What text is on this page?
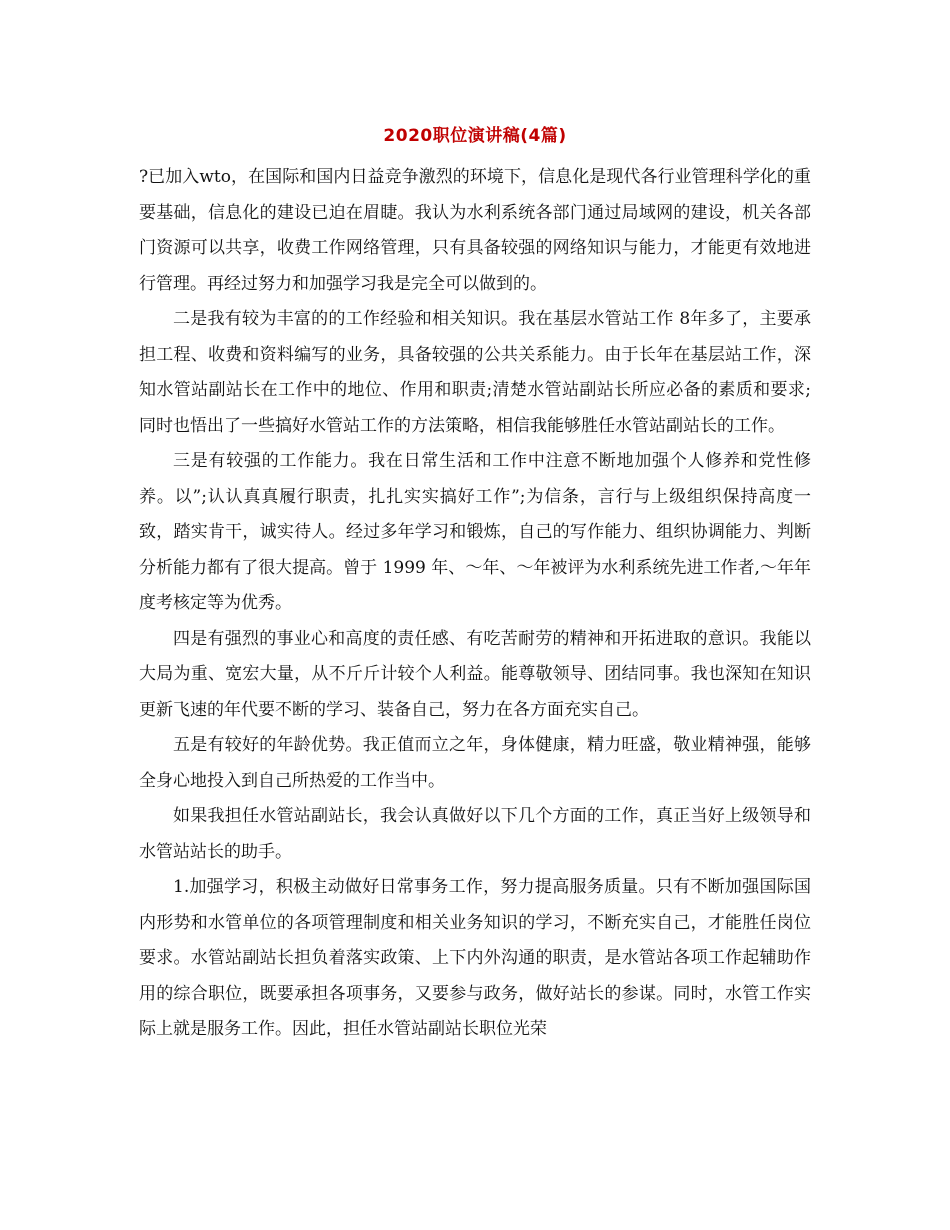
2020职位演讲稿(4篇)

?已加入wto，在国际和国内日益竞争激烈的环境下，信息化是现代各行业管理科学化的重要基础，信息化的建设已迫在眉睫。我认为水利系统各部门通过局域网的建设，机关各部门资源可以共享，收费工作网络管理，只有具备较强的网络知识与能力，才能更有效地进行管理。再经过努力和加强学习我是完全可以做到的。

二是我有较为丰富的的工作经验和相关知识。我在基层水管站工作 8年多了，主要承担工程、收费和资料编写的业务，具备较强的公共关系能力。由于长年在基层站工作，深知水管站副站长在工作中的地位、作用和职责;清楚水管站副站长所应必备的素质和要求;同时也悟出了一些搞好水管站工作的方法策略，相信我能够胜任水管站副站长的工作。

三是有较强的工作能力。我在日常生活和工作中注意不断地加强个人修养和党性修养。以”;认认真真履行职责，扎扎实实搞好工作”;为信条，言行与上级组织保持高度一致，踏实肯干，诚实待人。经过多年学习和锻炼，自己的写作能力、组织协调能力、判断分析能力都有了很大提高。曾于 1999 年、～年、～年被评为水利系统先进工作者,～年年度考核定等为优秀。

四是有强烈的事业心和高度的责任感、有吃苦耐劳的精神和开拓进取的意识。我能以大局为重、宽宏大量，从不斤斤计较个人利益。能尊敬领导、团结同事。我也深知在知识更新飞速的年代要不断的学习、装备自己，努力在各方面充实自己。

五是有较好的年龄优势。我正值而立之年，身体健康，精力旺盛，敬业精神强，能够全身心地投入到自己所热爱的工作当中。

如果我担任水管站副站长，我会认真做好以下几个方面的工作，真正当好上级领导和水管站站长的助手。

1.加强学习，积极主动做好日常事务工作，努力提高服务质量。只有不断加强国际国内形势和水管单位的各项管理制度和相关业务知识的学习，不断充实自己，才能胜任岗位要求。水管站副站长担负着落实政策、上下内外沟通的职责，是水管站各项工作起辅助作用的综合职位，既要承担各项事务，又要参与政务，做好站长的参谋。同时，水管工作实际上就是服务工作。因此，担任水管站副站长职位光荣
